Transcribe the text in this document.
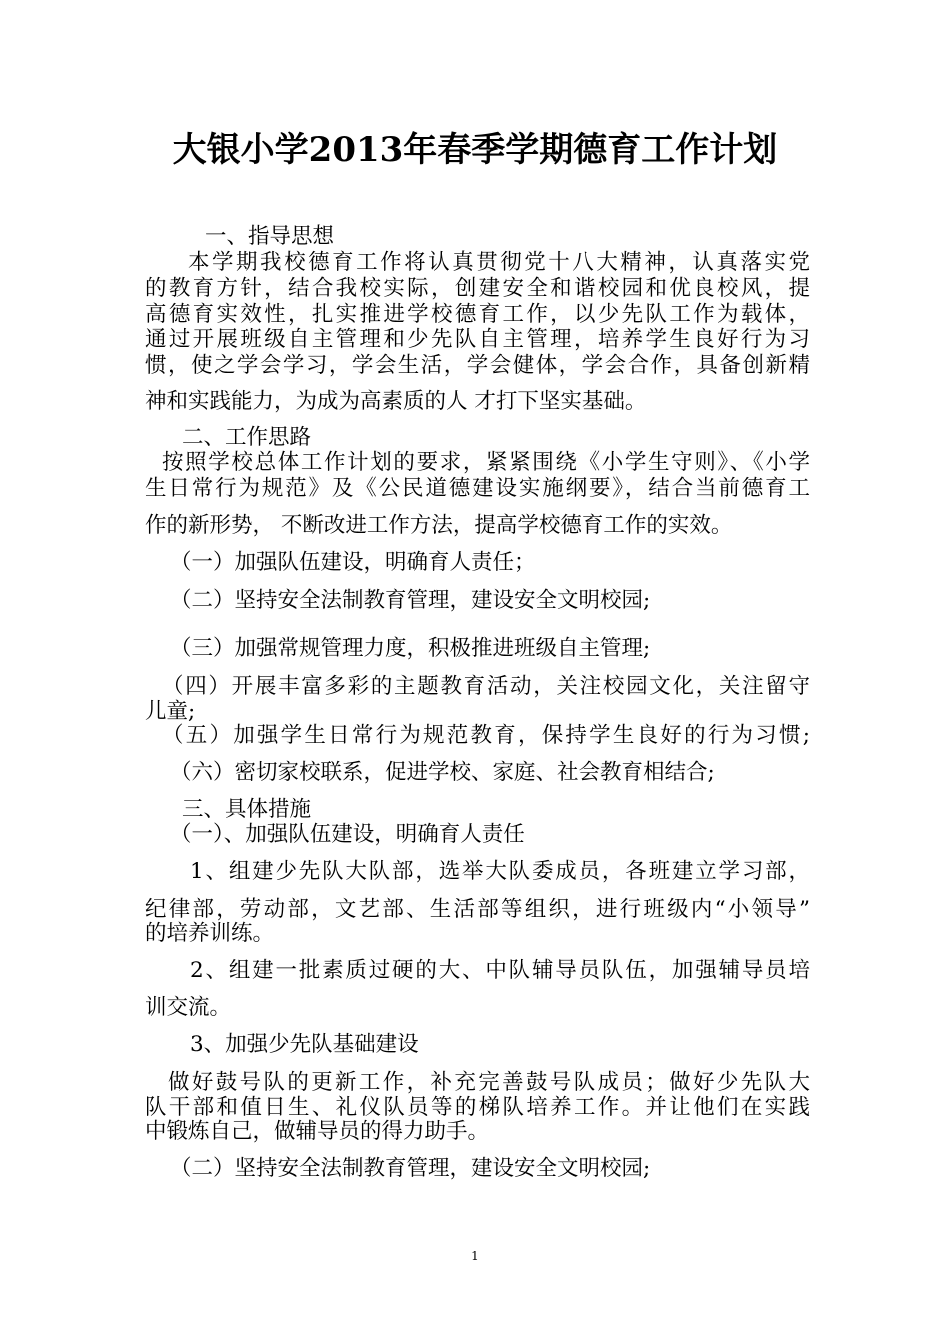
大银小学2013年春季学期德育工作计划
一、指导思想
本学期我校德育工作将认真贯彻党十八大精神，认真落实党
的教育方针，结合我校实际，创建安全和谐校园和优良校风，提
高德育实效性，扎实推进学校德育工作，以少先队工作为载体，
通过开展班级自主管理和少先队自主管理，培养学生良好行为习
惯，使之学会学习，学会生活，学会健体，学会合作，具备创新精
神和实践能力，为成为高素质的人 才打下坚实基础。
二、工作思路
按照学校总体工作计划的要求，紧紧围绕《小学生守则》、《小学
生日常行为规范》及《公民道德建设实施纲要》，结合当前德育工
作的新形势， 不断改进工作方法，提高学校德育工作的实效。
（一）加强队伍建设，明确育人责任；
（二）坚持安全法制教育管理，建设安全文明校园;
（三）加强常规管理力度，积极推进班级自主管理;
（四）开展丰富多彩的主题教育活动，关注校园文化，关注留守
儿童;
（五）加强学生日常行为规范教育，保持学生良好的行为习惯;
（六）密切家校联系，促进学校、家庭、社会教育相结合;
三、具体措施
（一）、加强队伍建设，明确育人责任
1、组建少先队大队部，选举大队委成员，各班建立学习部，
纪律部，劳动部，文艺部、生活部等组织，进行班级内“小领导”
的培养训练。
2、组建一批素质过硬的大、中队辅导员队伍，加强辅导员培
训交流。
3、加强少先队基础建设
做好鼓号队的更新工作，补充完善鼓号队成员；做好少先队大
队干部和值日生、礼仪队员等的梯队培养工作。并让他们在实践
中锻炼自己，做辅导员的得力助手。
（二）坚持安全法制教育管理，建设安全文明校园;
1
